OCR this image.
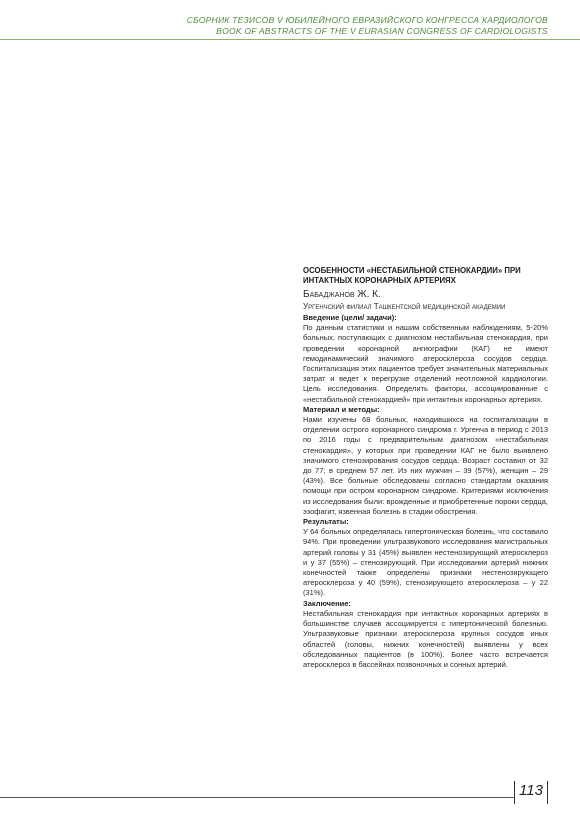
СБОРНИК ТЕЗИСОВ V ЮБИЛЕЙНОГО ЕВРАЗИЙСКОГО КОНГРЕССА КАРДИОЛОГОВ
BOOK OF ABSTRACTS OF THE V EURASIAN CONGRESS OF CARDIOLOGISTS
ОСОБЕННОСТИ «НЕСТАБИЛЬНОЙ СТЕНОКАРДИИ» ПРИ ИНТАКТНЫХ КОРОНАРНЫХ АРТЕРИЯХ
Бабаджанов Ж. К.
Ургенчский филиал Ташкентской медицинской академии
Введение (цели/ задачи):
По данным статистики и нашим собственным наблюдениям, 5-20% больных, поступающих с диагнозом нестабильная стенокардия, при проведении коронарной ангиографии (КАГ) не имеют гемодинамический значимого атеросклероза сосудов сердца. Госпитализация этих пациентов требует значительных материальных затрат и ведет к перегрузке отделений неотложной кардиологии. Цель исследования. Определить факторы, ассоциированные с «нестабильной стенокардией» при интактных коронарных артериях.
Материал и методы:
Нами изучены 68 больных, находившихся на госпитализации в отделении острого коронарного синдрома г. Ургенча в период с 2013 по 2016 годы с предварительным диагнозом «нестабильная стенокардия», у которых при проведении КАГ не было выявлено значимого стенозирования сосудов сердца. Возраст составил от 32 до 77; в среднем 57 лет. Из них мужчин – 39 (57%), женщин – 29 (43%). Все больные обследованы согласно стандартам оказания помощи при остром коронарном синдроме. Критериями исключения из исследования были: врожденные и приобретенные пороки сердца, эзофагит, язвенная болезнь в стадии обострения.
Результаты:
У 64 больных определялась гипертоническая болезнь, что составило 94%. При проведении ультразвукового исследования магистральных артерий головы у 31 (45%) выявлен нестенозирующий атеросклероз и у 37 (55%) – стенозирующий. При исследовании артерий нижних конечностей также определены признаки нестенозирующего атеросклероза у 40 (59%), стенозирующего атеросклероза – у 22 (31%).
Заключение:
Нестабильная стенокардия при интактных коронарных артериях в большинстве случаев ассоциируется с гипертонической болезнью. Ультразвуковые признаки атеросклероза крупных сосудов иных областей (головы, нижних конечностей) выявлены у всех обследованных пациентов (в 100%). Более часто встречается атеросклероз в бассейнах позвоночных и сонных артерий.
113
